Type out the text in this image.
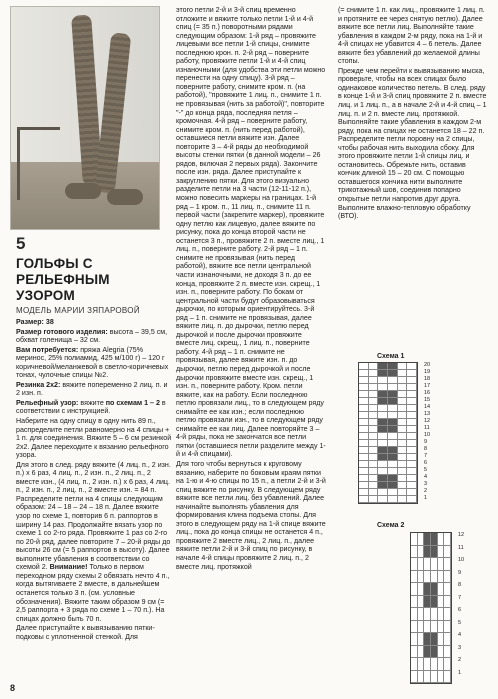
5
ГОЛЬФЫ С РЕЛЬЕФНЫМ УЗОРОМ
МОДЕЛЬ МАРИИ ЗЯПАРОВОЙ

Размер: 38

Размер готового изделия: высота – 39,5 см, обхват голенища – 32 см.

Вам потребуется: пряжа Alegria (75% меринос, 25% полиамид, 425 м/100 г) – 120 г коричневой/меланжевой в светло-коричневых тонах, чулочные спицы №2.

Резинка 2х2: вяжите попеременно 2 лиц. п. и 2 изн. п.

Рельефный узор: вяжите по схемам 1 – 2 в соответствии с инструкцией.

Наберите на одну спицу в одну нить 89 п., распределите петли равномерно на 4 спицы + 1 п. для соединения. Вяжите 5 – 6 см резинкой 2х2. Далее переходите к вязанию рельефного узора.

Для этого в след. ряду вяжите (4 лиц. п., 2 изн. п.) х 6 раз, 4 лиц. п., 2 изн. п., 2 лиц. п., 2 вместе изн., (4 лиц. п., 2 изн. п.) х 6 раз, 4 лиц. п., 2 изн. п., 2 лиц. п., 2 вместе изн. = 84 п. Распределите петли на 4 спицы следующим образом: 24 – 18 – 24 – 18 п. Далее вяжите узор по схеме 1, повторив 6 п. раппортов в ширину 14 раз. Продолжайте вязать узор по схеме 1 со 2-го ряда. Провяжите 1 раз со 2-го по 20-й ряд, далее повторите 7 – 20-й ряды до высоты 26 см (= 5 раппортов в высоту). Далее выполните убавления в соответствии со схемой 2. Внимание! Только в первом переходном ряду схемы 2 обвязать нечто 4 п., когда вытягиваете 2 вместе, в дальнейшем останется только 3 п. (см. условные обозначения). Вяжите таким образом 9 см (= 2,5 раппорта + 3 ряда по схеме 1 – 70 п.). На спицах должно быть 70 п.

Далее приступайте к вывязыванию пятки-подковы с уплотненной стенкой. Для

этого петли 2-й и 3-й спиц временно отложите и вяжите только петли 1-й и 4-й спиц (= 35 п.) поворотными рядами следующим образом: 1-й ряд – провяжите лицевыми все петли 1-й спицы, снимите последнюю крон. п. 2-й ряд – поверните работу, провяжите петли 1-й и 4-й спиц изнаночными (для удобства эти петли можно перенести на одну спицу). 3-й ряд – поверните работу, снимите кром. п. (на работой), "провяжите 1 лиц. п., снимите 1 п. не провязывая (нить за работой)", повторите "-" до конца ряда, последняя петля – кромочная. 4-й ряд – поверните работу, снимите кром. п. (нить перед работой), оставшиеся петли вяжите изн. Далее повторите 3 – 4-й ряды до необходимой высоты стенки пятки (в данной модели – 26 рядов, включая 2 первых ряда). Закончите после изн. ряда. Далее приступайте к закруглению пятки. Для этого визуально разделите петли на 3 части (12-11-12 п.), можно повесить маркеры на границах. 1-й ряд – 1 кром. п., 11 лиц. п., снимите 11 п. первой части (закрепите маркер), провяжите одну петлю как лицевую, далее вяжите по рисунку, пока до конца второй части не останется 3 п., провяжите 2 п. вместе лиц., 1 лиц. п., поверните работу. 2-й ряд – 1 п. снимите не провязывая (нить перед работой), вяжите все петли центральной части изнаночными, не доходя 3 п. до ее конца, провяжите 2 п. вместе изн. скрещ., 1 изн. п., поверните работу. По бокам от центральной части будут образовываться дырочки, по которым ориентируйтесь. 3-й ряд – 1 п. снимите не провязывая, далее вяжите лиц. п. до дырочки, петлю перед дырочкой и после дырочки провяжите вместе лиц. скрещ., 1 лиц. п., поверните работу. 4-й ряд – 1 п. снимите не провязывая, далее вяжите изн. п. до дырочки, петлю перед дырочкой и после дырочки провяжите вместе изн. скрещ., 1 изн. п., поверните работу. Кром. петли вяжите, как на работу. Если последнюю петлю провязали лиц., то в следующем ряду снимайте ее как изн.; если последнюю петлю провязали изн., то в следующем ряду снимайте ее как лиц. Далее повторяйте 3 – 4-й ряды, пока не закончатся все петли пятки (оставшиеся петли разделите между 1-й и 4-й спицами).

Для того чтобы вернуться к круговому вязанию, наберите по боковым краям пятки на 1-ю и 4-ю спицы по 15 п., а петли 2-й и 3-й спиц вяжите по рисунку. В следующем ряду вяжите все петли лиц. без убавлений. Далее начинайте выполнять убавления для формирования клина подъема стопы. Для этого в следующем ряду на 1-й спице вяжите лиц., пока до конца спицы не останется 4 п., провяжите 2 вместе лиц., 2 лиц. п., далее вяжите петли 2-й и 3-й спиц по рисунку, в начале 4-й спицы провяжите 2 лиц. п., 2 вместе лиц. протяжкой

(= снимите 1 п. как лиц., провяжите 1 лиц. п. и протяните ее через снятую петлю). Далее вяжите все петли лиц. Выполняйте такие убавления в каждом 2-м ряду, пока на 1-й и 4-й спицах не убавится 4 – 6 петель. Далее вяжите без убавлений до желаемой длины стопы.

Прежде чем перейти к вывязыванию мыска, проверьте, чтобы на всех спицах было одинаковое количество петель. В след. ряду в конце 1-й и 3-й спиц провяжите 2 п. вместе лиц. и 1 лиц. п., а в начале 2-й и 4-й спиц – 1 лиц. п. и 2 п. вместе лиц. протяжкой. Выполняйте такие убавления в каждом 2-м ряду, пока на спицах не останется 18 – 22 п. Распределите петли поровну на 2 спицы, чтобы рабочая нить выходила сбоку. Для этого провяжите петли 1-й спицы лиц. и остановитесь. Обрежьте нить, оставив кончик длиной 15 – 20 см. С помощью оставшегося кончика нити выполните трикотажный шов, соединив попарно открытые петли напротив друг друга. Выполните влажно-тепловую обработку (ВТО).

Схема 1
20
19
18
17
16
15
14
13
12
11
10
9
8
7
6
5
4
3
2
1
Схема 2
12
11
10
9
8
7
6
5
4
3
2
1
8
